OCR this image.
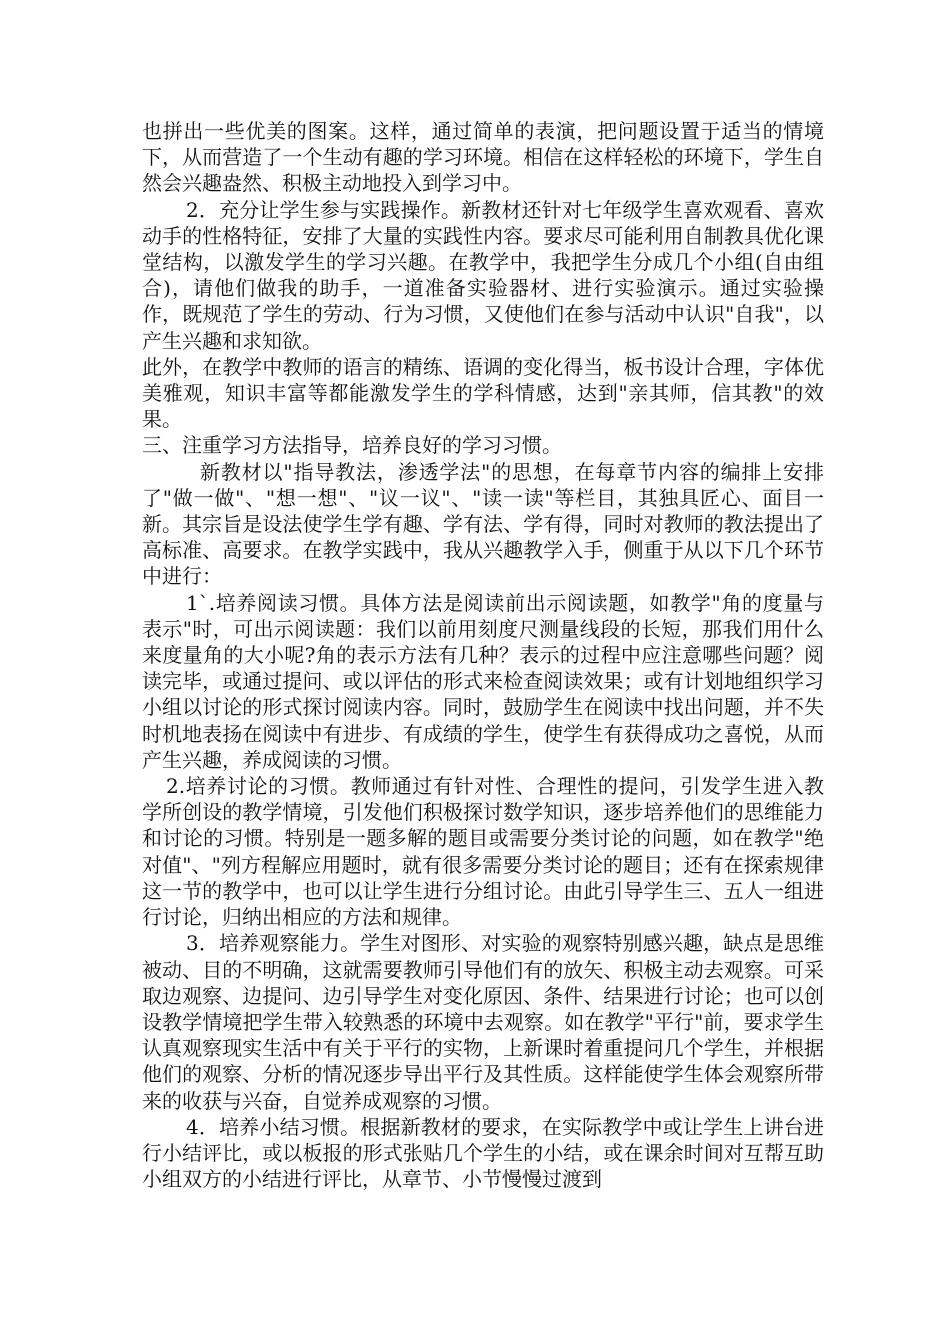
也拼出一些优美的图案。这样，通过简单的表演，把问题设置于适当的情境下，从而营造了一个生动有趣的学习环境。相信在这样轻松的环境下，学生自然会兴趣盎然、积极主动地投入到学习中。

2．充分让学生参与实践操作。新教材还针对七年级学生喜欢观看、喜欢动手的性格特征，安排了大量的实践性内容。要求尽可能利用自制教具优化课堂结构，以激发学生的学习兴趣。在教学中，我把学生分成几个小组(自由组合)，请他们做我的助手，一道准备实验器材、进行实验演示。通过实验操作，既规范了学生的劳动、行为习惯，又使他们在参与活动中认识"自我"，以产生兴趣和求知欲。

此外，在教学中教师的语言的精练、语调的变化得当，板书设计合理，字体优美雅观，知识丰富等都能激发学生的学科情感，达到"亲其师，信其教"的效果。

三、注重学习方法指导，培养良好的学习习惯。

新教材以"指导教法，渗透学法"的思想，在每章节内容的编排上安排了"做一做"、"想一想"、"议一议"、"读一读"等栏目，其独具匠心、面目一新。其宗旨是设法使学生学有趣、学有法、学有得，同时对教师的教法提出了高标准、高要求。在教学实践中，我从兴趣教学入手，侧重于从以下几个环节中进行：

1`.培养阅读习惯。具体方法是阅读前出示阅读题，如教学"角的度量与表示"时，可出示阅读题：我们以前用刻度尺测量线段的长短，那我们用什么来度量角的大小呢?角的表示方法有几种？表示的过程中应注意哪些问题？阅读完毕，或通过提问、或以评估的形式来检查阅读效果；或有计划地组织学习小组以讨论的形式探讨阅读内容。同时，鼓励学生在阅读中找出问题，并不失时机地表扬在阅读中有进步、有成绩的学生，使学生有获得成功之喜悦，从而产生兴趣，养成阅读的习惯。

2.培养讨论的习惯。教师通过有针对性、合理性的提问，引发学生进入教学所创设的教学情境，引发他们积极探讨数学知识，逐步培养他们的思维能力和讨论的习惯。特别是一题多解的题目或需要分类讨论的问题，如在教学"绝对值"、"列方程解应用题时，就有很多需要分类讨论的题目；还有在探索规律这一节的教学中，也可以让学生进行分组讨论。由此引导学生三、五人一组进行讨论，归纳出相应的方法和规律。

3．培养观察能力。学生对图形、对实验的观察特别感兴趣，缺点是思维被动、目的不明确，这就需要教师引导他们有的放矢、积极主动去观察。可采取边观察、边提问、边引导学生对变化原因、条件、结果进行讨论；也可以创设教学情境把学生带入较熟悉的环境中去观察。如在教学"平行"前，要求学生认真观察现实生活中有关于平行的实物，上新课时着重提问几个学生，并根据他们的观察、分析的情况逐步导出平行及其性质。这样能使学生体会观察所带来的收获与兴奋，自觉养成观察的习惯。

4．培养小结习惯。根据新教材的要求，在实际教学中或让学生上讲台进行小结评比，或以板报的形式张贴几个学生的小结，或在课余时间对互帮互助小组双方的小结进行评比，从章节、小节慢慢过渡到
